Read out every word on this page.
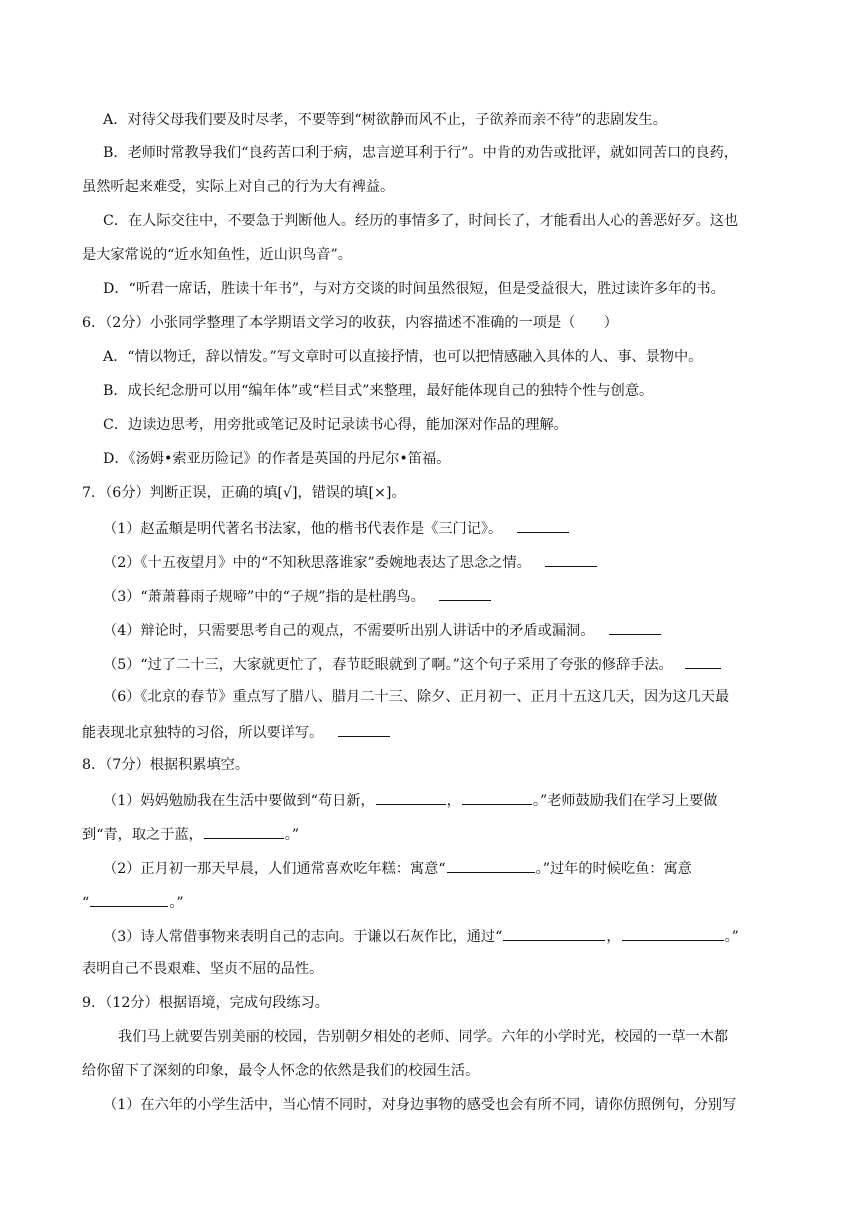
A．对待父母我们要及时尽孝，不要等到“树欲静而风不止，子欲养而亲不待”的悲剧发生。
B．老师时常教导我们“良药苦口利于病，忠言逆耳利于行”。中肯的劝告或批评，就如同苦口的良药，
虽然听起来难受，实际上对自己的行为大有裨益。
C．在人际交往中，不要急于判断他人。经历的事情多了，时间长了，才能看出人心的善恶好歹。这也
是大家常说的“近水知鱼性，近山识鸟音”。
D．“听君一席话，胜读十年书”，与对方交谈的时间虽然很短，但是受益很大，胜过读许多年的书。
6．（2分）小张同学整理了本学期语文学习的收获，内容描述不准确的一项是（　　）
A．“情以物迁，辞以情发。”写文章时可以直接抒情，也可以把情感融入具体的人、事、景物中。
B．成长纪念册可以用“编年体”或“栏目式”来整理，最好能体现自己的独特个性与创意。
C．边读边思考，用旁批或笔记及时记录读书心得，能加深对作品的理解。
D．《汤姆•索亚历险记》的作者是英国的丹尼尔•笛福。
7．（6分）判断正误，正确的填[√]，错误的填[×]。
（1）赵孟頫是明代著名书法家，他的楷书代表作是《三门记》。
（2）《十五夜望月》中的“不知秋思落谁家”委婉地表达了思念之情。
（3）“萧萧暮雨子规啼”中的“子规”指的是杜鹃鸟。
（4）辩论时，只需要思考自己的观点，不需要听出别人讲话中的矛盾或漏洞。
（5）“过了二十三，大家就更忙了，春节眨眼就到了啊。”这个句子采用了夸张的修辞手法。
（6）《北京的春节》重点写了腊八、腊月二十三、除夕、正月初一、正月十五这几天，因为这几天最
能表现北京独特的习俗，所以要详写。
8．（7分）根据积累填空。
（1）妈妈勉励我在生活中要做到“苟日新，	，	。”老师鼓励我们在学习上要做
到“青，取之于蓝，	。”
（2）正月初一那天早晨，人们通常喜欢吃年糕：寓意“	。”过年的时候吃鱼：寓意
“	。”
（3）诗人常借事物来表明自己的志向。于谦以石灰作比，通过“	，	。”
表明自己不畏艰难、坚贞不屈的品性。
9．（12分）根据语境，完成句段练习。
我们马上就要告别美丽的校园，告别朝夕相处的老师、同学。六年的小学时光，校园的一草一木都
给你留下了深刻的印象，最令人怀念的依然是我们的校园生活。
（1）在六年的小学生活中，当心情不同时，对身边事物的感受也会有所不同，请你仿照例句，分别写
